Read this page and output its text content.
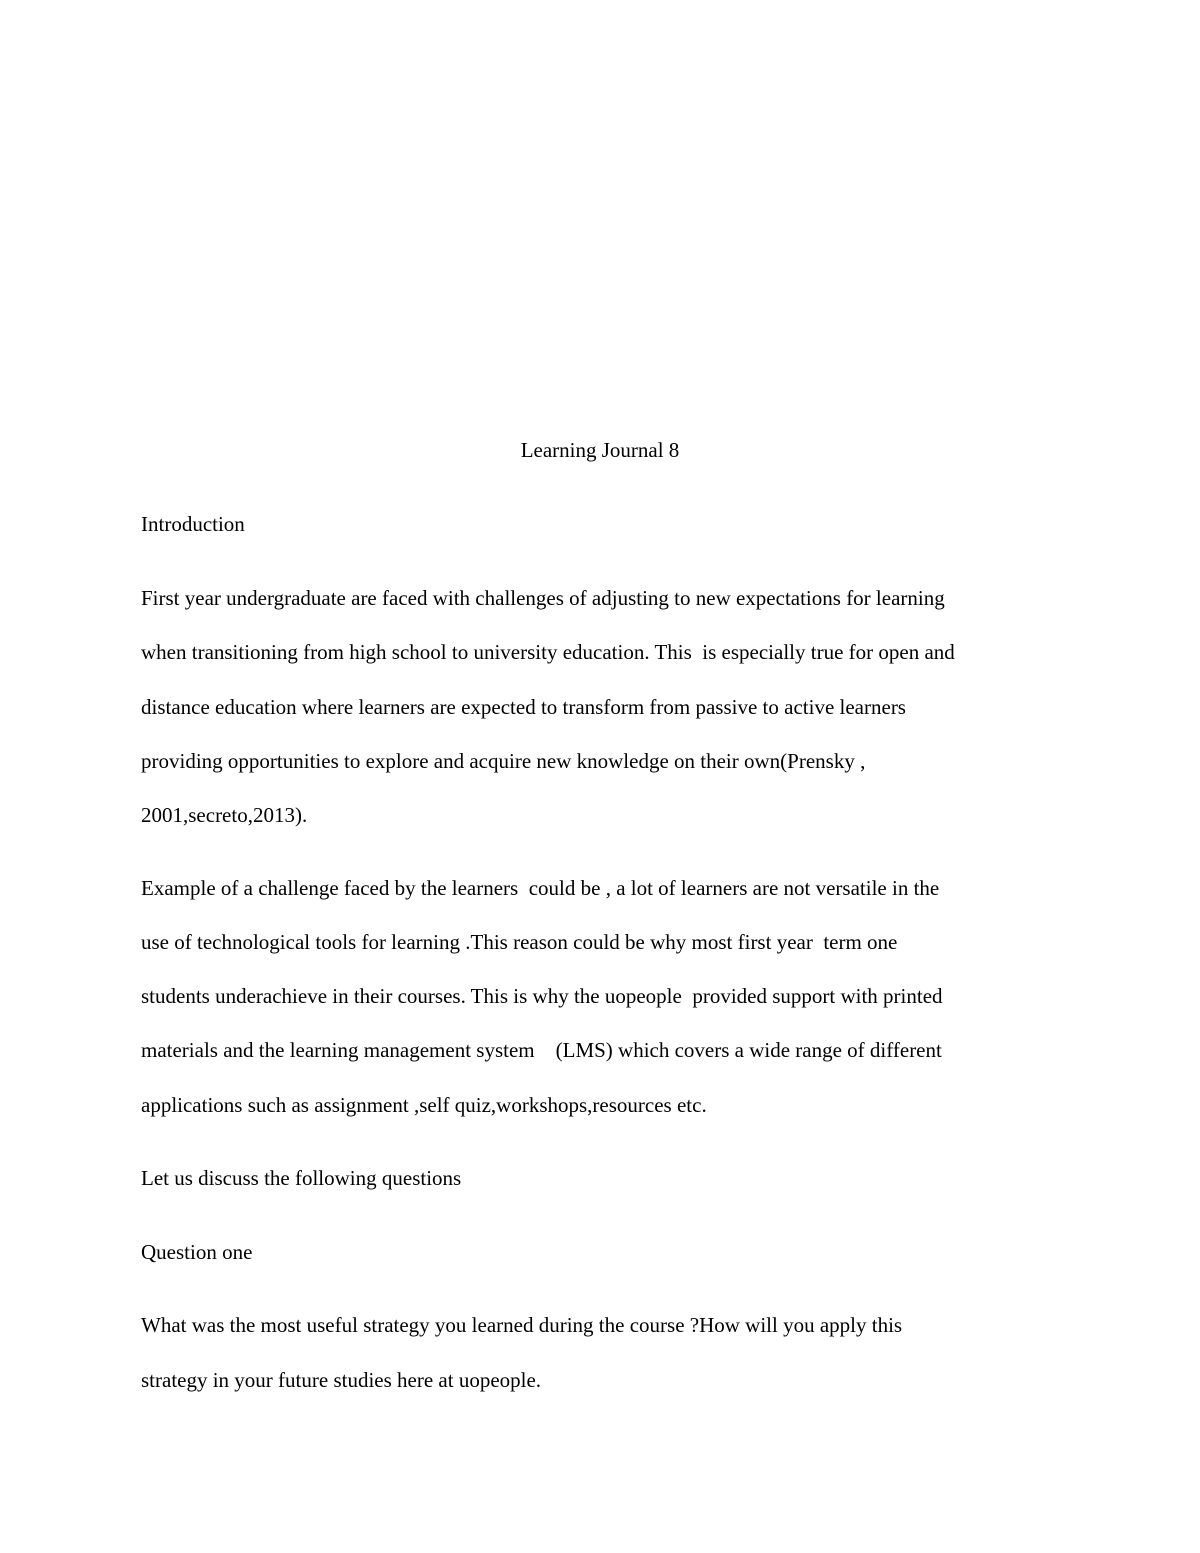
Learning Journal 8

Introduction

First year undergraduate are faced with challenges of adjusting to new expectations for learning

when transitioning from high school to university education. This  is especially true for open and

distance education where learners are expected to transform from passive to active learners

providing opportunities to explore and acquire new knowledge on their own(Prensky ,

2001,secreto,2013).

Example of a challenge faced by the learners  could be , a lot of learners are not versatile in the

use of technological tools for learning .This reason could be why most first year  term one

students underachieve in their courses. This is why the uopeople  provided support with printed

materials and the learning management system    (LMS) which covers a wide range of different

applications such as assignment ,self quiz,workshops,resources etc.

Let us discuss the following questions

Question one

What was the most useful strategy you learned during the course ?How will you apply this

strategy in your future studies here at uopeople.
